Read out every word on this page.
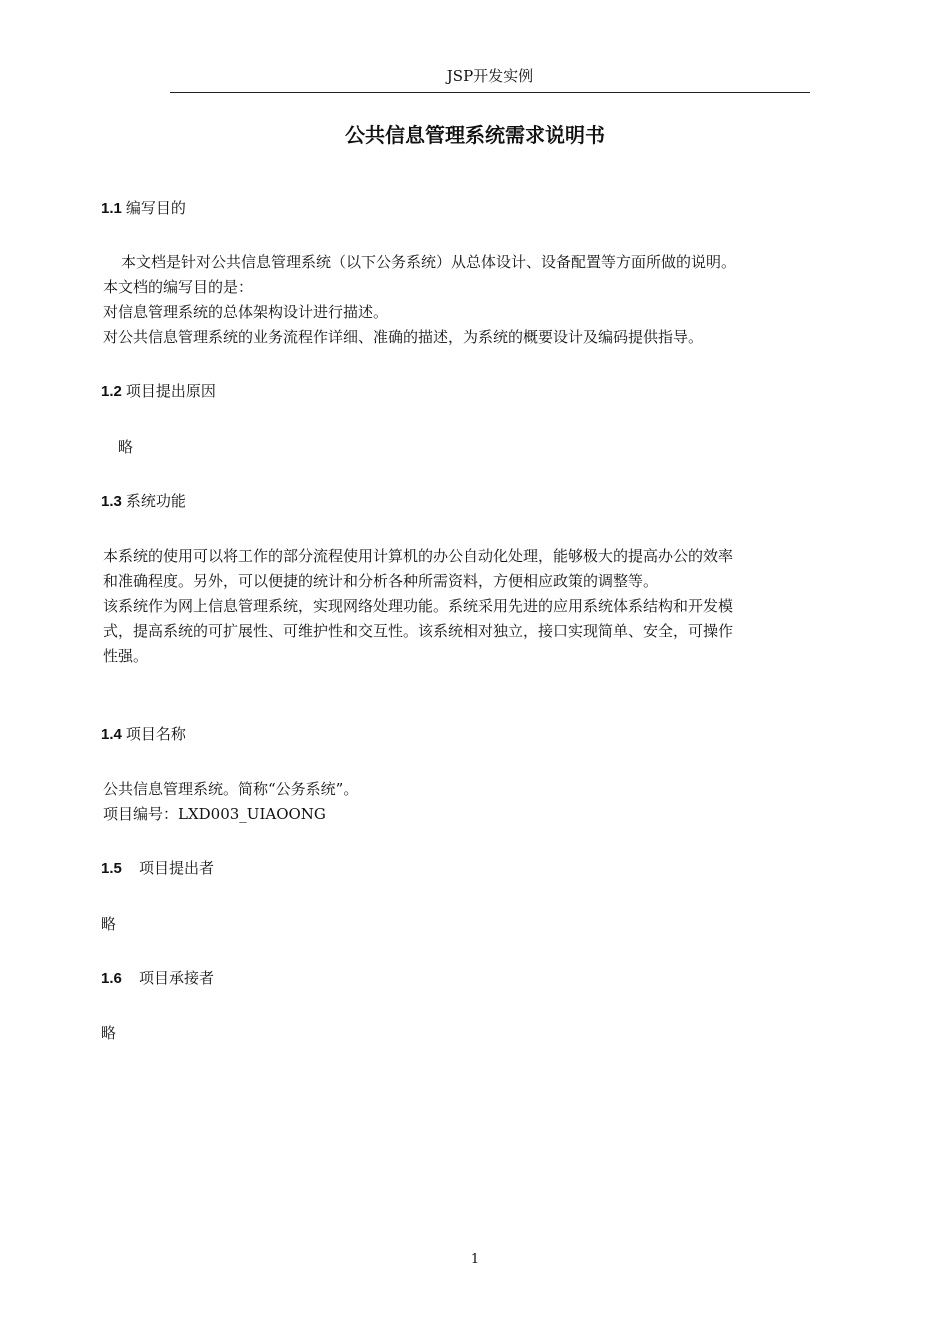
JSP开发实例
公共信息管理系统需求说明书
1.1 编写目的
本文档是针对公共信息管理系统（以下公务系统）从总体设计、设备配置等方面所做的说明。
本文档的编写目的是：
对信息管理系统的总体架构设计进行描述。
对公共信息管理系统的业务流程作详细、准确的描述，为系统的概要设计及编码提供指导。
1.2 项目提出原因
略
1.3 系统功能
本系统的使用可以将工作的部分流程使用计算机的办公自动化处理，能够极大的提高办公的效率
和准确程度。另外，可以便捷的统计和分析各种所需资料，方便相应政策的调整等。
该系统作为网上信息管理系统，实现网络处理功能。系统采用先进的应用系统体系结构和开发模
式，提高系统的可扩展性、可维护性和交互性。该系统相对独立，接口实现简单、安全，可操作
性强。
1.4 项目名称
公共信息管理系统。简称“公务系统”。
项目编号：LXD003_UIAOONG
1.5 项目提出者
略
1.6 项目承接者
略
1
